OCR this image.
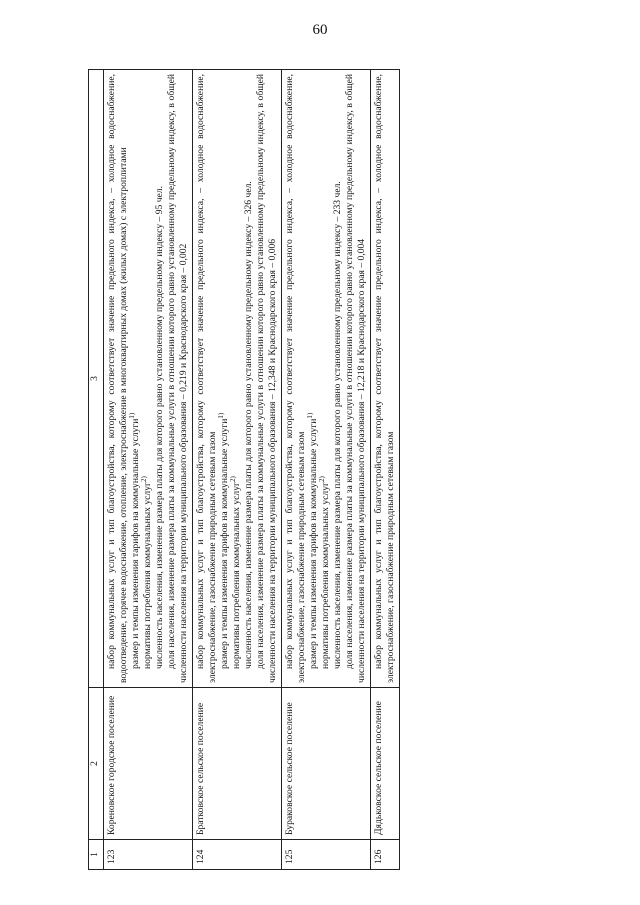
60
1	2	3
123	Кореновское городское поселение	набор коммунальных услуг и тип благоустройства, которому соответствует значение предельного индекса, – холодное водоснабжение, водоотведение, горячее водоснабжение, отопление, электроснабжение в многоквартирных домах (жилых домах) с электроплитами размер и темпы изменения тарифов на коммунальные услуги$^{1)}$

нормативы потребления коммунальных услуг$^{2)}$ численность населения, изменение размера платы для которого равно установленному предельному индексу – 95 чел. доля населения, изменение размера платы за коммунальные услуги в отношении которого равно установленному предельному индексу, в общей численности населения на территории муниципального образования – 0,219 и Краснодарского края – 0,002

124	Братковское сельское поселение	набор коммунальных услуг и тип благоустройства, которому соответствует значение предельного индекса, – холодное водоснабжение, электроснабжение, газоснабжение природным сетевым газом размер и темпы изменения тарифов на коммунальные услуги$^{1)}$

нормативы потребления коммунальных услуг$^{2)}$ численность населения, изменение размера платы для которого равно установленному предельному индексу – 326 чел. доля населения, изменение размера платы за коммунальные услуги в отношении которого равно установленному предельному индексу, в общей численности населения на территории муниципального образования – 12,348 и Краснодарского края – 0,006

125	Бураковское сельское поселение	набор коммунальных услуг и тип благоустройства, которому соответствует значение предельного индекса, – холодное водоснабжение, электроснабжение, газоснабжение природным сетевым газом размер и темпы изменения тарифов на коммунальные услуги$^{1)}$

нормативы потребления коммунальных услуг$^{2)}$ численность населения, изменение размера платы для которого равно установленному предельному индексу – 233 чел. доля населения, изменение размера платы за коммунальные услуги в отношении которого равно установленному предельному индексу, в общей численности населения на территории муниципального образования – 12,218 и Краснодарского края – 0,004

126	Дядьковское сельское поселение	набор коммунальных услуг и тип благоустройства, которому соответствует значение предельного индекса, – холодное водоснабжение, электроснабжение, газоснабжение природным сетевым газом
